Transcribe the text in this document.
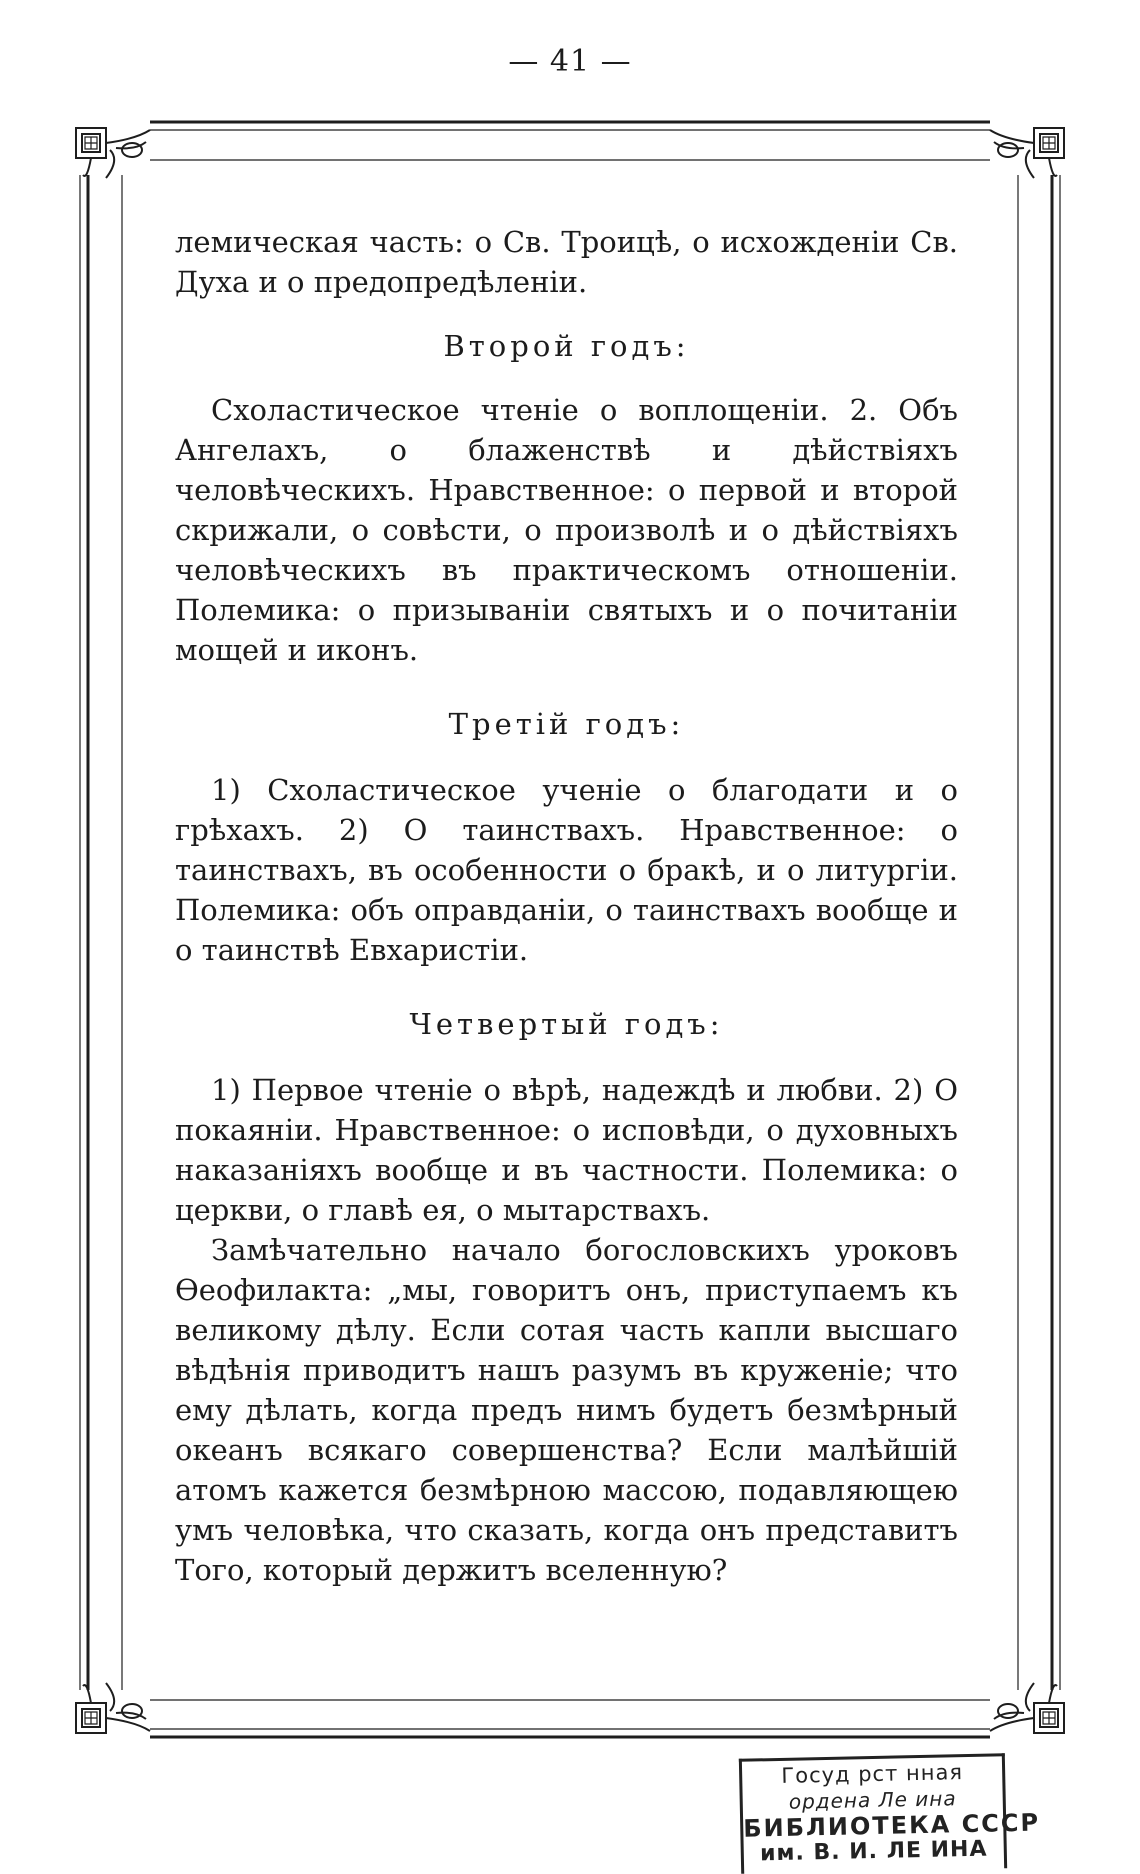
— 41 —

лемическая часть: о Св. Троицѣ, о исхожденіи Св. Духа и о предопредѣленіи.

Второй годъ:

Схоластическое чтеніе о воплощеніи. 2. Объ Ангелахъ, о блаженствѣ и дѣйствіяхъ человѣческихъ. Нравственное: о первой и второй скрижали, о совѣсти, о произволѣ и о дѣйствіяхъ человѣческихъ въ практическомъ отношеніи. Полемика: о призываніи святыхъ и о почитаніи мощей и иконъ.

Третій годъ:

1) Схоластическое ученіе о благодати и о грѣхахъ. 2) О таинствахъ. Нравственное: о таинствахъ, въ особенности о бракѣ, и о литургіи. Полемика: объ оправданіи, о таинствахъ вообще и о таинствѣ Евхаристіи.

Четвертый годъ:

1) Первое чтеніе о вѣрѣ, надеждѣ и любви. 2) О покаяніи. Нравственное: о исповѣди, о духовныхъ наказаніяхъ вообще и въ частности. Полемика: о церкви, о главѣ ея, о мытарствахъ.

Замѣчательно начало богословскихъ уроковъ Ѳеофилакта: „мы, говоритъ онъ, приступаемъ къ великому дѣлу. Если сотая часть капли высшаго вѣдѣнія приводитъ нашъ разумъ въ круженіе; что ему дѣлать, когда предъ нимъ будетъ безмѣрный океанъ всякаго совершенства? Если малѣйшій атомъ кажется безмѣрною массою, подавляющею умъ человѣка, что сказать, когда онъ представитъ Того, который держитъ вселенную?

Госуд рст нная
ордена Ле ина
БИБЛИОТЕКА СССР
им. В. И. ЛЕ ИНА
